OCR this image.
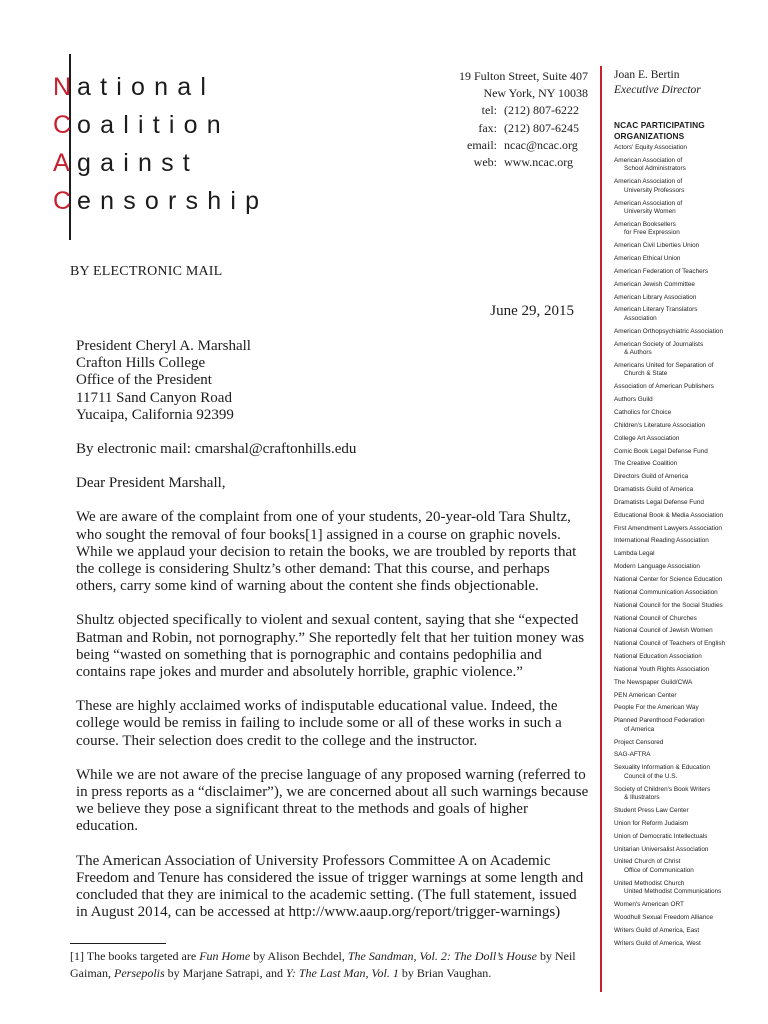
N ational
C oalition
A gainst
C ensorship
19 Fulton Street, Suite 407
New York, NY 10038
tel: (212) 807-6222
fax: (212) 807-6245
email: ncac@ncac.org
web: www.ncac.org
Joan E. Bertin
Executive Director
NCAC PARTICIPATING
ORGANIZATIONS
Actors' Equity Association
American Association of
School Administrators
American Association of
University Professors
American Association of
University Women
American Booksellers
for Free Expression
American Civil Liberties Union
American Ethical Union
American Federation of Teachers
American Jewish Committee
American Library Association
American Literary Translators
Association
American Orthopsychiatric Association
American Society of Journalists
& Authors
Americans United for Separation of
Church & State
Association of American Publishers
Authors Guild
Catholics for Choice
Children's Literature Association
College Art Association
Comic Book Legal Defense Fund
The Creative Coalition
Directors Guild of America
Dramatists Guild of America
Dramatists Legal Defense Fund
Educational Book & Media Association
First Amendment Lawyers Association
International Reading Association
Lambda Legal
Modern Language Association
National Center for Science Education
National Communication Association
National Council for the Social Studies
National Council of Churches
National Council of Jewish Women
National Council of Teachers of English
National Education Association
National Youth Rights Association
The Newspaper Guild/CWA
PEN American Center
People For the American Way
Planned Parenthood Federation
of America
Project Censored
SAG-AFTRA
Sexuality Information & Education
Council of the U.S.
Society of Children's Book Writers
& Illustrators
Student Press Law Center
Union for Reform Judaism
Union of Democratic Intellectuals
Unitarian Universalist Association
United Church of Christ
Office of Communication
United Methodist Church
United Methodist Communications
Women's American ORT
Woodhull Sexual Freedom Alliance
Writers Guild of America, East
Writers Guild of America, West
BY ELECTRONIC MAIL
June 29, 2015
President Cheryl A. Marshall
Crafton Hills College
Office of the President
11711 Sand Canyon Road
Yucaipa, California 92399
By electronic mail: cmarshal@craftonhills.edu
Dear President Marshall,
We are aware of the complaint from one of your students, 20-year-old Tara Shultz,
who sought the removal of four books[1] assigned in a course on graphic novels.
While we applaud your decision to retain the books, we are troubled by reports that
the college is considering Shultz’s other demand: That this course, and perhaps
others, carry some kind of warning about the content she finds objectionable.
Shultz objected specifically to violent and sexual content, saying that she “expected
Batman and Robin, not pornography.” She reportedly felt that her tuition money was
being “wasted on something that is pornographic and contains pedophilia and
contains rape jokes and murder and absolutely horrible, graphic violence.”
These are highly acclaimed works of indisputable educational value. Indeed, the
college would be remiss in failing to include some or all of these works in such a
course. Their selection does credit to the college and the instructor.
While we are not aware of the precise language of any proposed warning (referred to
in press reports as a “disclaimer”), we are concerned about all such warnings because
we believe they pose a significant threat to the methods and goals of higher
education.
The American Association of University Professors Committee A on Academic
Freedom and Tenure has considered the issue of trigger warnings at some length and
concluded that they are inimical to the academic setting. (The full statement, issued
in August 2014, can be accessed at http://www.aaup.org/report/trigger-warnings)
[1] The books targeted are Fun Home by Alison Bechdel, The Sandman, Vol. 2: The Doll’s House by Neil
Gaiman, Persepolis by Marjane Satrapi, and Y: The Last Man, Vol. 1 by Brian Vaughan.
